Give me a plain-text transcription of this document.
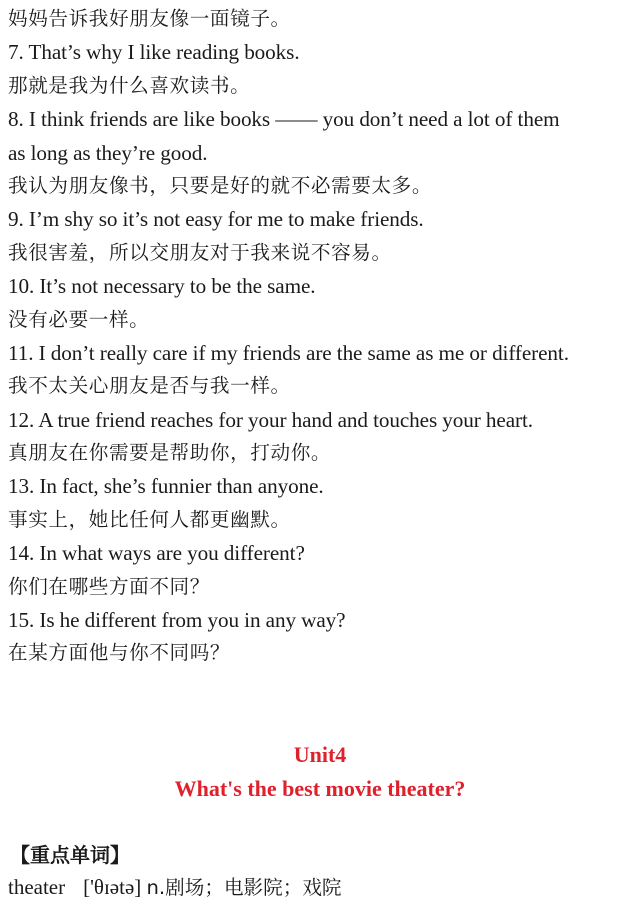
妈妈告诉我好朋友像一面镜子。
7. That’s why I like reading books.
那就是我为什么喜欢读书。
8. I think friends are like books —— you don’t need a lot of them
as long as they’re good.
我认为朋友像书，只要是好的就不必需要太多。
9. I’m shy so it’s not easy for me to make friends.
我很害羞，所以交朋友对于我来说不容易。
10. It’s not necessary to be the same.
没有必要一样。
11. I don’t really care if my friends are the same as me or different.
我不太关心朋友是否与我一样。
12. A true friend reaches for your hand and touches your heart.
真朋友在你需要是帮助你，打动你。
13. In fact, she’s funnier than anyone.
事实上，她比任何人都更幽默。
14. In what ways are you different?
你们在哪些方面不同？
15. Is he different from you in any way?
在某方面他与你不同吗？
Unit4
What's the best movie theater?
【重点单词】
theater ['θɪətə] n.剧场；电影院；戏院
